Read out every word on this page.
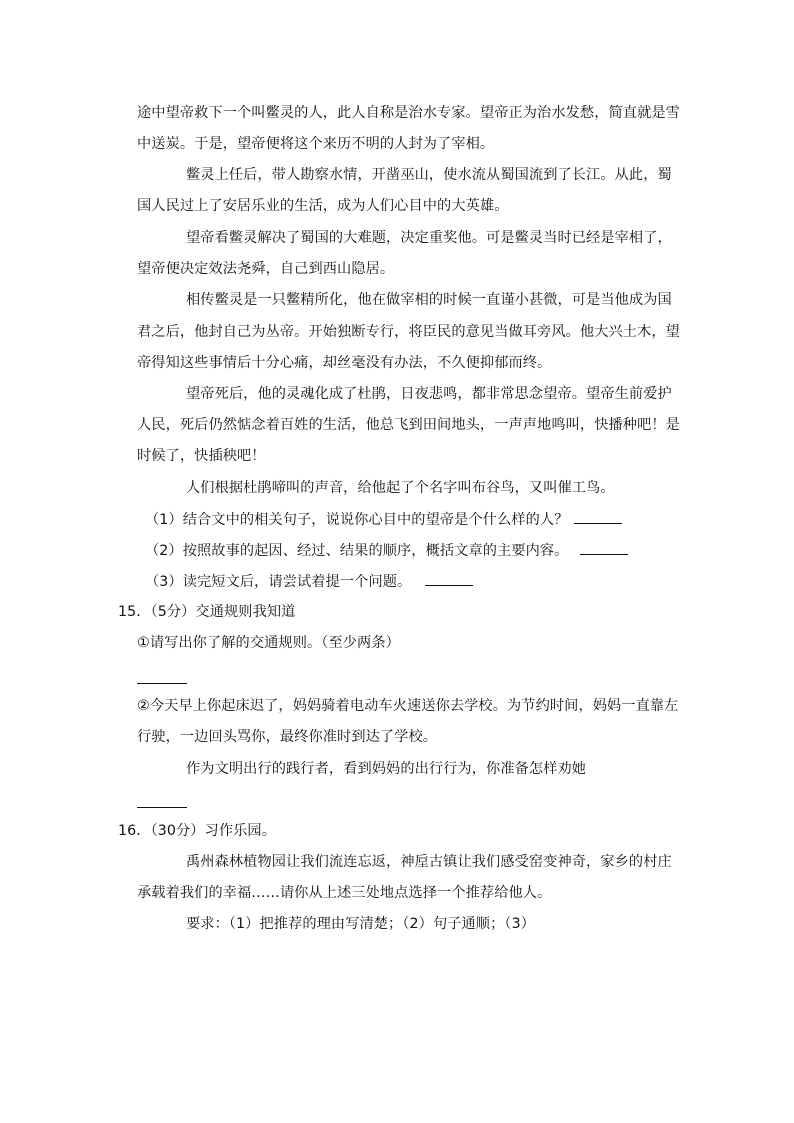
途中望帝救下一个叫鳖灵的人，此人自称是治水专家。望帝正为治水发愁，简直就是雪
中送炭。于是，望帝便将这个来历不明的人封为了宰相。
鳖灵上任后，带人勘察水情，开凿巫山，使水流从蜀国流到了长江。从此，蜀
国人民过上了安居乐业的生活，成为人们心目中的大英雄。
望帝看鳖灵解决了蜀国的大难题，决定重奖他。可是鳖灵当时已经是宰相了，
望帝便决定效法尧舜，自己到西山隐居。
相传鳖灵是一只鳖精所化，他在做宰相的时候一直谨小甚微，可是当他成为国
君之后，他封自己为丛帝。开始独断专行，将臣民的意见当做耳旁风。他大兴土木，望
帝得知这些事情后十分心痛，却丝毫没有办法，不久便抑郁而终。
望帝死后，他的灵魂化成了杜鹃，日夜悲鸣，都非常思念望帝。望帝生前爱护
人民，死后仍然惦念着百姓的生活，他总飞到田间地头，一声声地鸣叫，快播种吧！是
时候了，快插秧吧！
人们根据杜鹃啼叫的声音，给他起了个名字叫布谷鸟，又叫催工鸟。
（1）结合文中的相关句子，说说你心目中的望帝是个什么样的人？
（2）按照故事的起因、经过、结果的顺序，概括文章的主要内容。
（3）读完短文后，请尝试着提一个问题。
15．（5分）交通规则我知道
①请写出你了解的交通规则。（至少两条）
②今天早上你起床迟了，妈妈骑着电动车火速送你去学校。为节约时间，妈妈一直靠左
行驶，一边回头骂你，最终你准时到达了学校。
作为文明出行的践行者，看到妈妈的出行行为，你准备怎样劝她
16．（30分）习作乐园。
禹州森林植物园让我们流连忘返，神垕古镇让我们感受窑变神奇，家乡的村庄
承载着我们的幸福……请你从上述三处地点选择一个推荐给他人。
要求：（1）把推荐的理由写清楚；（2）句子通顺；（3）
